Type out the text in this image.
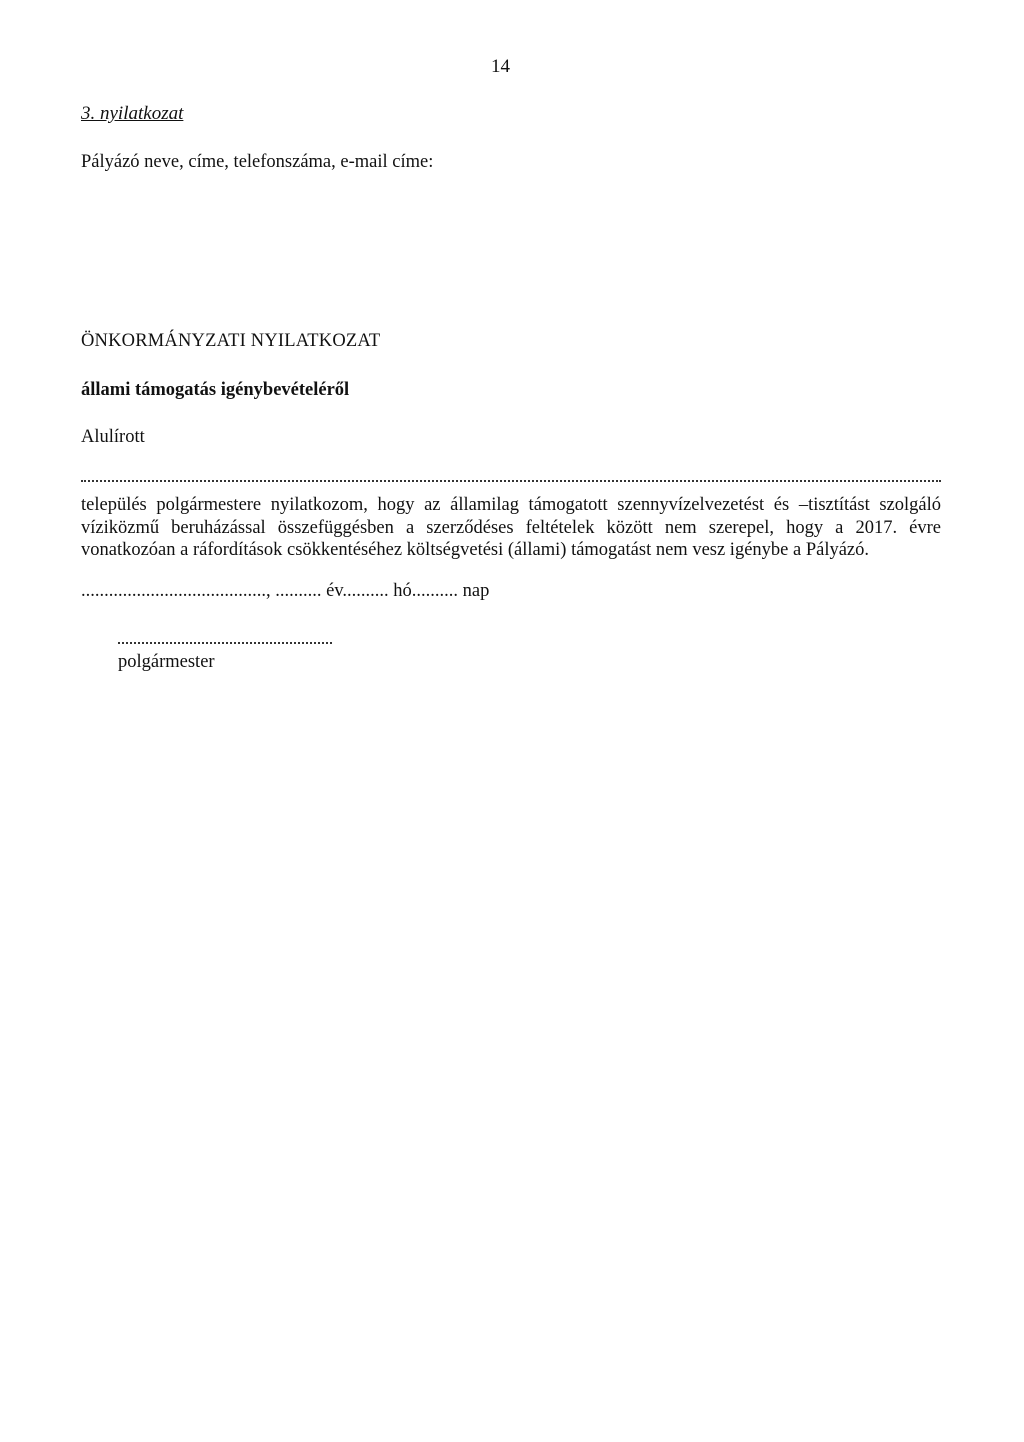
14
3. nyilatkozat
Pályázó neve, címe, telefonszáma, e-mail címe:
ÖNKORMÁNYZATI NYILATKOZAT
állami támogatás igénybevételéről
Alulírott
település polgármestere nyilatkozom, hogy az államilag támogatott szennyvízelvezetést és –tisztítást szolgáló víziközmű beruházással összefüggésben a szerződéses feltételek között nem szerepel, hogy a 2017. évre vonatkozóan a ráfordítások csökkentéséhez költségvetési (állami) támogatást nem vesz igénybe a Pályázó.
........................................, .......... év.......... hó.......... nap
polgármester
